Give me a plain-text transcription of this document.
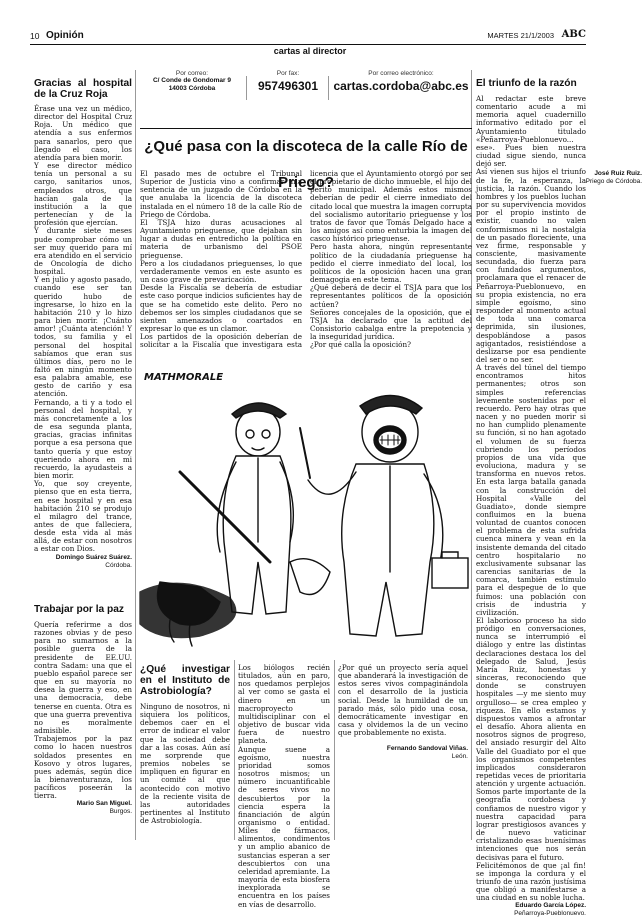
10 Opinión	MARTES 21/1/2003 ABC
cartas al director
Gracias al hospital de la Cruz Roja

Érase una vez un médico, director del Hospital Cruz Roja. Un médico que atendía a sus enfermos para sanarlos, pero que llegado el caso, los atendía para bien morir.

Y ese director médico tenía un personal a su cargo, sanitarios unos, empleados otros, que hacían gala de la institución a la que pertenecían y de la profesión que ejercían.

Y durante siete meses pude comprobar cómo un ser muy querido para mí era atendido en el servicio de Oncología de dicho hospital.

Y en julio y agosto pasado, cuando ese ser tan querido hubo de ingresarse, lo hizo en la habitación 210 y lo hizo para bien morir. ¡Cuánto amor! ¡Cuánta atención! Y todos, su familia y el personal del hospital sabíamos que eran sus últimos días, pero no le faltó en ningún momento esa palabra amable, ese gesto de cariño y esa atención.

Fernando, a ti y a todo el personal del hospital, y más concretamente a los de esa segunda planta, gracias, gracias infinitas porque a esa persona que tanto quería y que estoy queriendo ahora en mi recuerdo, la ayudasteis a bien morir.

Yo, que soy creyente, pienso que en esta tierra, en ese hospital y en esa habitación 210 se produjo el milagro del trance, antes de que falleciera, desde esta vida al más allá, de estar con nosotros a estar con Dios.

Domingo Suárez Suárez.
Córdoba.
Trabajar por la paz

Quería referirme a dos razones obvias y de peso para no sumarnos a la posible guerra de la presidente de EE.UU. contra Sadam: una que el pueblo español parece ser que en su mayoría no desea la guerra y eso, en una democracia, debe tenerse en cuenta. Otra es que una guerra preventiva no es moralmente admisible.

Trabajemos por la paz como lo hacen nuestros soldados presentes en Kosovo y otros lugares, pues además, según dice la bienaventuranza, los pacíficos poseerán la tierra.

Mario San Miguel.
Burgos.
Por correo:
C/ Conde de Gondomar 9
14003 Córdoba
Por fax:
957496301
Por correo electrónico:
cartas.cordoba@abc.es
¿Qué pasa con la discoteca de la calle Río de Priego?

El pasado mes de octubre el Tribunal Superior de Justicia vino a confirmar una sentencia de un juzgado de Córdoba en la que anulaba la licencia de la discoteca instalada en el número 18 de la calle Río de Priego de Córdoba.

El TSJA hizo duras acusaciones al Ayuntamiento prieguense, que dejaban sin lugar a dudas en entredicho la política en materia de urbanismo del PSOE prieguense.

Pero a los ciudadanos prieguenses, lo que verdaderamente vemos en este asunto es un caso grave de prevaricación.

Desde la Fiscalía se debería de estudiar este caso porque indicios suficientes hay de que se ha cometido este delito. Pero no debemos ser los simples ciudadanos que se sienten amenazados o coartados en expresar lo que es un clamor.

Los partidos de la oposición deberían de solicitar a la Fiscalía que investigara esta licencia que el Ayuntamiento otorgó por ser el propietario de dicho inmueble, el hijo del perito municipal. Además estos mismos deberían de pedir el cierre inmediato del citado local que muestra la imagen corrupta del socialismo autoritario prieguense y los tratos de favor que Tomás Delgado hace a los amigos así como enturbia la imagen del casco histórico prieguense.

Pero hasta ahora, ningún representante político de la ciudadanía prieguense ha pedido el cierre inmediato del local, los políticos de la oposición hacen una gran demagogia en este tema.

¿Qué deberá de decir el TSJA para que los representantes políticos de la oposición actúen?

Señores concejales de la oposición, que el TSJA ha declarado que la actitud del Consistorio cabalga entre la prepotencia y la inseguridad jurídica.

¿Por qué calla la oposición?

José Ruiz Ruiz.
Priego de Córdoba.
MATHMORALE
¿Qué investigar en el Instituto de Astrobiología?

Ninguno de nosotros, ni siquiera los políticos, debemos caer en el error de indicar el valor que la sociedad debe dar a las cosas. Aún así me sorprende que premios nobeles se impliquen en figurar en un comité al que acontecido con motivo de la reciente visita de las autoridades pertinentes al Instituto de Astrobiología.

Los biólogos recién titulados, aún en paro, nos quedamos perplejos al ver como se gasta el dinero en un macroproyecto multidisciplinar con el objetivo de buscar vida fuera de nuestro planeta.

Aunque suene a egoísmo, nuestra prioridad somos nosotros mismos; un número incuantificable de seres vivos no descubiertos por la ciencia espera la financiación de algún organismo o entidad. Miles de fármacos, alimentos, condimentos y un amplio abanico de sustancias esperan a ser descubiertos con una celeridad apremiante. La mayoría de esta biosfera inexplorada se encuentra en los países en vías de desarrollo.

¿Por qué un proyecto sería aquel que abanderará la investigación de estos seres vivos compaginándola con el desarrollo de la justicia social. Desde la humildad de un parado más, sólo pido una cosa, democráticamente investigar en casa y olvidemos la de un vecino que probablemente no exista.

Fernando Sandoval Viñas.
León.
El triunfo de la razón

Al redactar este breve comentario acude a mi memoria aquel cuadernillo informativo editado por el Ayuntamiento titulado «Peñarroya-Pueblonuevo... ese». Pues bien nuestra ciudad sigue siendo, nunca dejó ser.

Así vienen sus hijos el triunfo de la fe, la esperanza, la justicia, la razón. Cuando los hombres y los pueblos luchan por su supervivencia movidos por el propio instinto de existir, cuando no valen conformismos ni la nostalgia de un pasado floreciente, una vez firme, responsable y consciente, masivamente secundada, dio fuerza para con fundados argumentos, proclamara que el renacer de Peñarroya-Pueblonuevo, en su propia existencia, no era simple egoísmo, sino responder al momento actual de toda una comarca deprimida, sin ilusiones, despoblándose a pasos agigantados, resistiéndose a deslizarse por esa pendiente del ser o no ser.

A través del túnel del tiempo encontramos hitos permanentes; otros son simples referencias levemente sostenidas por el recuerdo. Pero hay otras que nacen y no pueden morir si no han cumplido plenamente su función, si no han agotado el volumen de su fuerza cubriendo los períodos propios de una vida que evoluciona, madura y se transforma en nuevos retos. En esta larga batalla ganada con la construcción del Hospital «Valle del Guadiato», donde siempre confluimos en la buena voluntad de cuantos conocen el problema de esta sufrida cuenca minera y vean en la insistente demanda del citado centro hospitalario no exclusivamente subsanar las carencias sanitarias de la comarca, también estímulo para el despegue de lo que fuimos: una población con crisis de industria y civilización.

El laborioso proceso ha sido pródigo en conversaciones, nunca se interrumpió el diálogo y entre las distintas declaraciones destaca los del delegado de Salud, Jesús María Ruiz, honestas y sinceras, reconociendo que donde se construyen hospitales —y me siento muy orgulloso— se crea empleo y riqueza. En ello estamos y dispuestos vamos a afrontar el desafío. Ahora alienta en nosotros signos de progreso, del ansiado resurgir del Alto Valle del Guadiato por el que los organismos competentes implicados consideraron repetidas veces de prioritaria atención y urgente actuación. Somos parte importante de la geografía cordobesa y confiamos de nuestro vigor y nuestra capacidad para lograr prestigiosos avances y de nuevo vaticinar cristalizando esas buenísimas intenciones que nos serán decisivas para el futuro.

Felicitémonos de que ¡al fin! se imponga la cordura y el triunfo de una razón justísima que obligó a manifestarse a una ciudad en su noble lucha.

Eduardo García López.
Peñarroya-Pueblonuevo.
